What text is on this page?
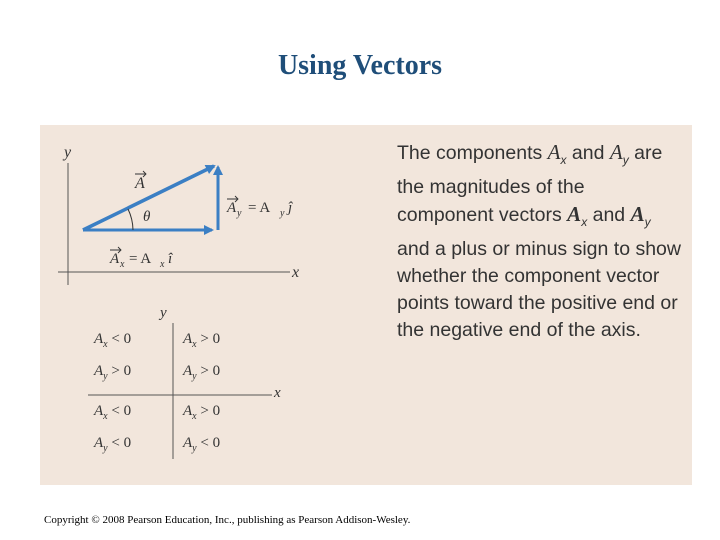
Using Vectors
y
x
θ
A
A y = A y ĵ
A x = A x î
y
x
$A_x < 0$
$A_y > 0$
$A_x > 0$
$A_y > 0$
$A_x < 0$
$A_y < 0$
$A_x > 0$
$A_y < 0$
The components $A_x$ and $A_y$ are the magnitudes of the component vectors $A_x$ and $A_y$ and a plus or minus sign to show whether the component vector points toward the positive end or the negative end of the axis.
Copyright © 2008 Pearson Education, Inc., publishing as Pearson Addison-Wesley.
